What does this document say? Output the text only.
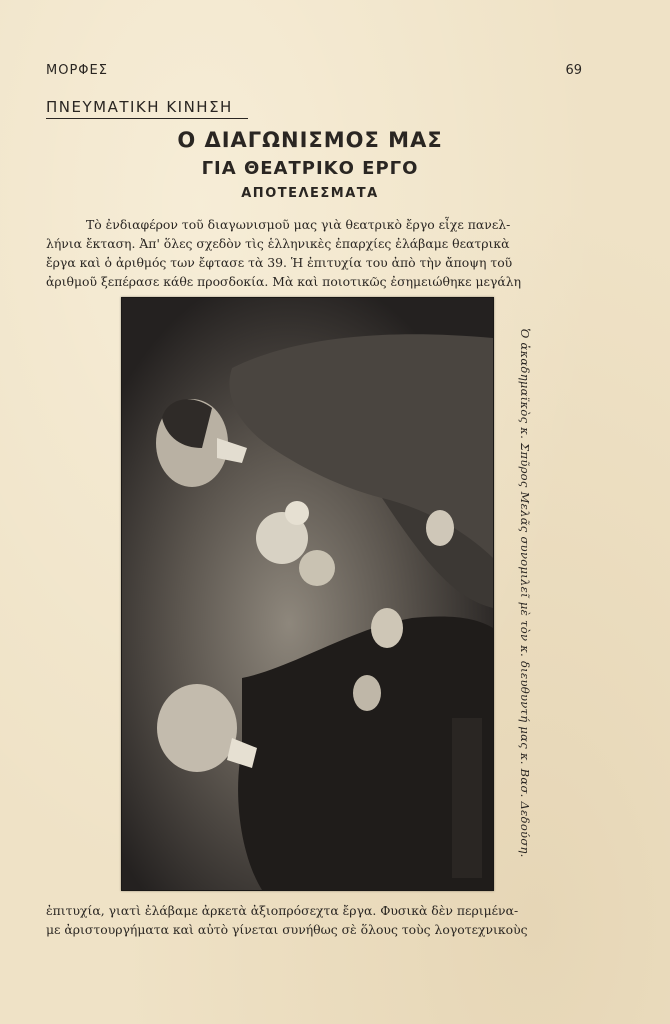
ΜΟΡΦΕΣ	69
ΠΝΕΥΜΑΤΙΚΗ ΚΙΝΗΣΗ
Ο ΔΙΑΓΩΝΙΣΜΟΣ ΜΑΣ
ΓΙΑ ΘΕΑΤΡΙΚΟ ΕΡΓΟ
ΑΠΟΤΕΛΕΣΜΑΤΑ
Τὸ ἐνδιαφέρον τοῦ διαγωνισμοῦ μας γιὰ θεατρικὸ ἔργο εἶχε πανελ-
λήνια ἔκταση. Ἀπ' ὅλες σχεδὸν τὶς ἑλληνικὲς ἐπαρχίες ἐλάβαμε θεατρικὰ
ἔργα καὶ ὁ ἀριθμός των ἔφτασε τὰ 39. Ἡ ἐπιτυχία του ἀπὸ τὴν ἄποψη τοῦ
ἀριθμοῦ ξεπέρασε κάθε προσδοκία. Μὰ καὶ ποιοτικῶς ἐσημειώθηκε μεγάλη
Ὁ ἀκαδημαϊκὸς κ. Σπῦρος Μελᾶς συνομιλεῖ μὲ τὸν κ. διευθυντή μας κ. Βασ. Δεδούση.
ἐπιτυχία, γιατὶ ἐλάβαμε ἀρκετὰ ἀξιοπρόσεχτα ἔργα. Φυσικὰ δὲν περιμένα-
με ἀριστουργήματα καὶ αὐτὸ γίνεται συνήθως σὲ ὅλους τοὺς λογοτεχνικοὺς
